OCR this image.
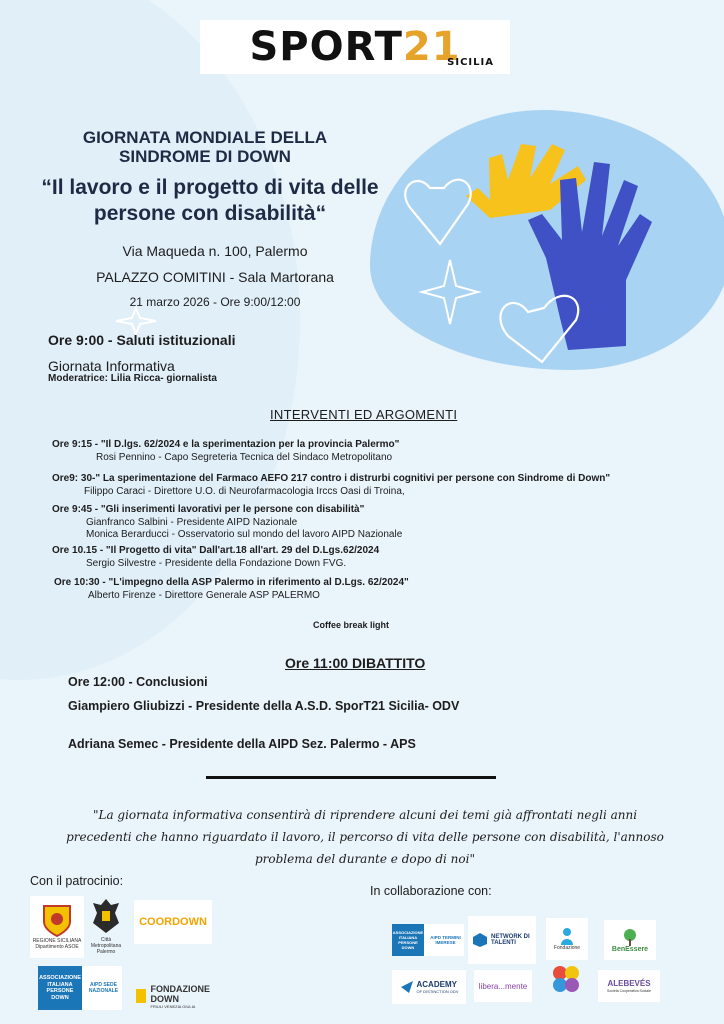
SPORT21
SICILIA
GIORNATA MONDIALE DELLA
SINDROME DI DOWN
“Il lavoro e il progetto di vita delle
persone con disabilità“
Via Maqueda n. 100, Palermo
PALAZZO COMITINI - Sala Martorana
21 marzo 2026 - Ore 9:00/12:00
Ore 9:00 - Saluti istituzionali
Giornata Informativa
Moderatrice: Lilia Ricca- giornalista
INTERVENTI ED ARGOMENTI
Ore 9:15 - "Il D.lgs. 62/2024 e la sperimentazion per la provincia Palermo"
Rosi Pennino - Capo Segreteria Tecnica del Sindaco Metropolitano
Ore9: 30-" La sperimentazione del Farmaco AEFO 217 contro i distrurbi cognitivi per persone con Sindrome di Down"
Filippo Caraci - Direttore U.O. di Neurofarmacologia Irccs Oasi di Troina,
Ore 9:45 - "Gli inserimenti lavorativi per le persone con disabilità"
Gianfranco Salbini - Presidente AIPD Nazionale
Monica Berarducci - Osservatorio sul mondo del lavoro AIPD Nazionale
Ore 10.15 - "Il Progetto di vita" Dall'art.18 all'art. 29 del D.Lgs.62/2024
Sergio Silvestre - Presidente della Fondazione Down FVG.
Ore 10:30 - "L'impegno della ASP Palermo in riferimento al D.Lgs. 62/2024"
Alberto Firenze - Direttore Generale ASP PALERMO
Coffee break light
Ore 11:00 DIBATTITO
Ore 12:00 - Conclusioni
Giampiero Gliubizzi - Presidente della A.S.D. SporT21 Sicilia- ODV
Adriana Semec - Presidente della AIPD Sez. Palermo - APS
"La giornata informativa consentirà di riprendere alcuni dei temi già affrontati negli anni
precedenti che hanno riguardato il lavoro, il percorso di vita delle persone con disabilità, l'annoso
problema del durante e dopo di noi"
Con il patrocinio:
REGIONE SICILIANA Dipartimento ASOE
Città Metropolitana Palermo
COORDOWN
ASSOCIAZIONE ITALIANA PERSONE DOWN
AIPD SEDE NAZIONALE	FONDAZIONE DOWN
FRIULI VENEZIA GIULIA
In collaborazione con:
ASSOCIAZIONE ITALIANA PERSONE DOWN
AIPD TERMINI IMERESE
NETWORK DI TALENTI
Fondazione	BenEssere
ACADEMY
OF DISTINCTION ODV
libera...mente	ALEBEVÉS
Società Cooperativa Sociale
